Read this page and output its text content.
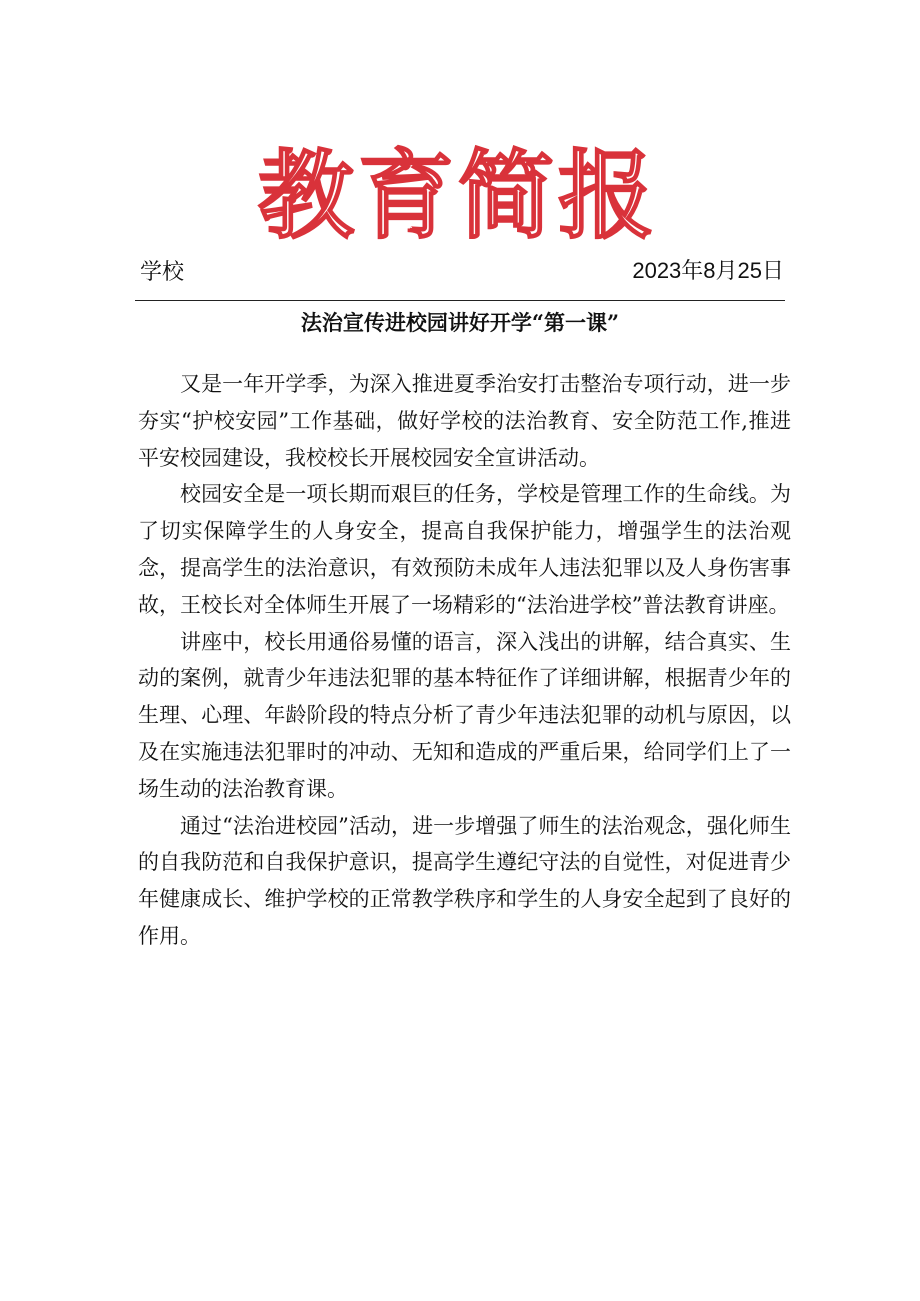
教育简报
学校	2023年8月25日
法治宣传进校园讲好开学“第一课”

又是一年开学季，为深入推进夏季治安打击整治专项行动，进一步夯实“护校安园”工作基础，做好学校的法治教育、安全防范工作,推进平安校园建设，我校校长开展校园安全宣讲活动。

校园安全是一项长期而艰巨的任务，学校是管理工作的生命线。为了切实保障学生的人身安全，提高自我保护能力，增强学生的法治观念，提高学生的法治意识，有效预防未成年人违法犯罪以及人身伤害事故，王校长对全体师生开展了一场精彩的“法治进学校”普法教育讲座。

讲座中，校长用通俗易懂的语言，深入浅出的讲解，结合真实、生动的案例，就青少年违法犯罪的基本特征作了详细讲解，根据青少年的生理、心理、年龄阶段的特点分析了青少年违法犯罪的动机与原因，以及在实施违法犯罪时的冲动、无知和造成的严重后果，给同学们上了一场生动的法治教育课。

通过“法治进校园”活动，进一步增强了师生的法治观念，强化师生的自我防范和自我保护意识，提高学生遵纪守法的自觉性，对促进青少年健康成长、维护学校的正常教学秩序和学生的人身安全起到了良好的作用。
